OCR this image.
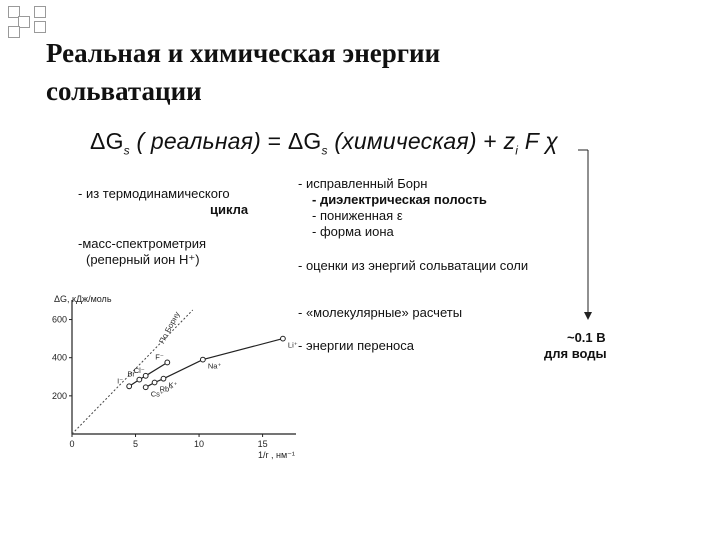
Реальная и химическая энергии
сольватации
$\Delta G_s$ ( реальная) = $\Delta G_s$ (химическая) + $z_i$ F χ
- из термодинамического
цикла
-масс-спектрометрия
(реперный ион H⁺)
- исправленный Борн
- диэлектрическая полость
- пониженная ε
- форма иона
- оценки из энергий сольватации соли
- «молекулярные» расчеты
- энергии переноса
~0.1 В
для воды
0	5	10	15
200
400
600
ΔG, кДж/моль
1/r , нм⁻¹
По Борну
I⁻
Br⁻
Cl⁻
F⁻
Cs⁺
Rb⁺
K⁺
Na⁺
Li⁺
